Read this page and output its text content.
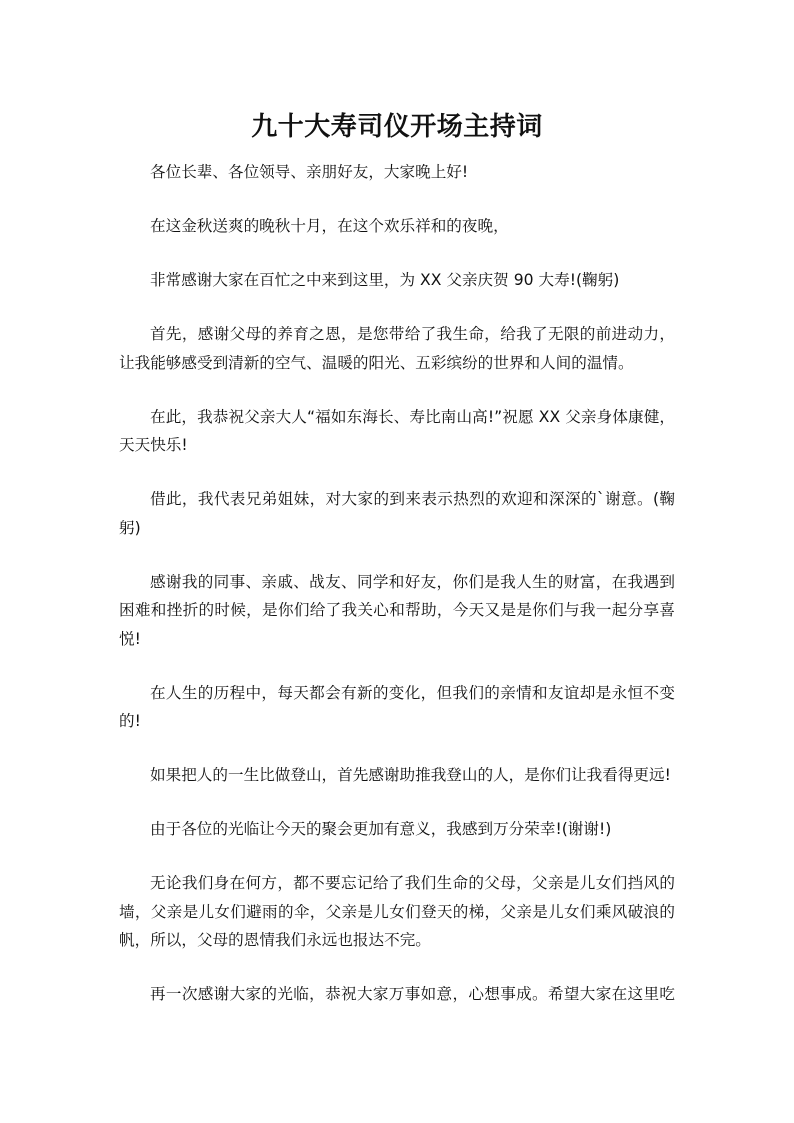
九十大寿司仪开场主持词

各位长辈、各位领导、亲朋好友，大家晚上好!

在这金秋送爽的晚秋十月，在这个欢乐祥和的夜晚，

非常感谢大家在百忙之中来到这里，为 XX 父亲庆贺 90 大寿!(鞠躬)

首先，感谢父母的养育之恩，是您带给了我生命，给我了无限的前进动力，
让我能够感受到清新的空气、温暖的阳光、五彩缤纷的世界和人间的温情。

在此，我恭祝父亲大人“福如东海长、寿比南山高!”祝愿 XX 父亲身体康健，
天天快乐!

借此，我代表兄弟姐妹，对大家的到来表示热烈的欢迎和深深的`谢意。(鞠
躬)

感谢我的同事、亲戚、战友、同学和好友，你们是我人生的财富，在我遇到
困难和挫折的时候，是你们给了我关心和帮助，今天又是是你们与我一起分享喜
悦!

在人生的历程中，每天都会有新的变化，但我们的亲情和友谊却是永恒不变
的!

如果把人的一生比做登山，首先感谢助推我登山的人，是你们让我看得更远!

由于各位的光临让今天的聚会更加有意义，我感到万分荣幸!(谢谢!)

无论我们身在何方，都不要忘记给了我们生命的父母，父亲是儿女们挡风的
墙，父亲是儿女们避雨的伞，父亲是儿女们登天的梯，父亲是儿女们乘风破浪的
帆，所以，父母的恩情我们永远也报达不完。

再一次感谢大家的光临，恭祝大家万事如意，心想事成。希望大家在这里吃
